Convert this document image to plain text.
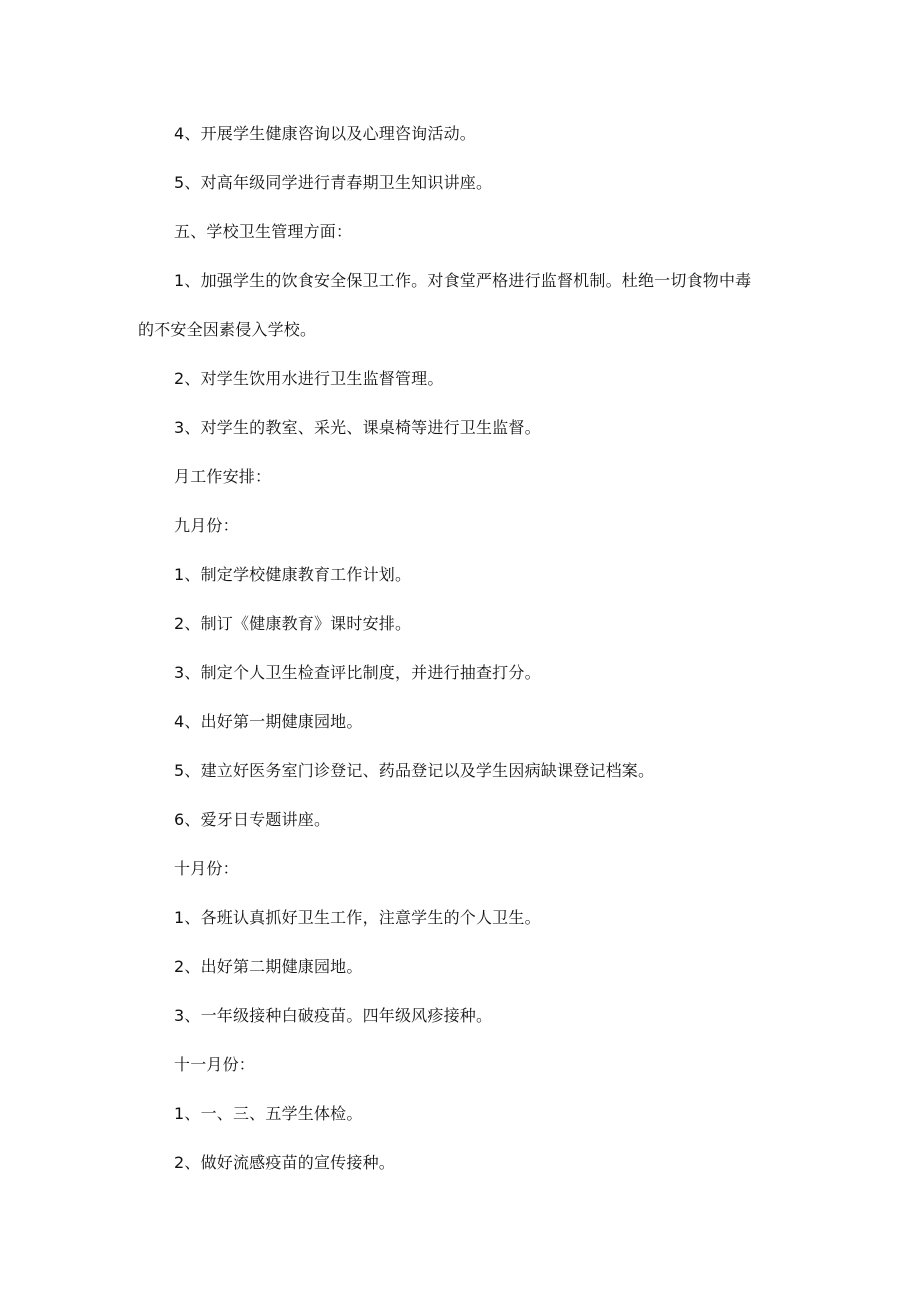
4、开展学生健康咨询以及心理咨询活动。
5、对高年级同学进行青春期卫生知识讲座。
五、学校卫生管理方面：
1、加强学生的饮食安全保卫工作。对食堂严格进行监督机制。杜绝一切食物中毒
的不安全因素侵入学校。
2、对学生饮用水进行卫生监督管理。
3、对学生的教室、采光、课桌椅等进行卫生监督。
月工作安排：
九月份：
1、制定学校健康教育工作计划。
2、制订《健康教育》课时安排。
3、制定个人卫生检查评比制度，并进行抽查打分。
4、出好第一期健康园地。
5、建立好医务室门诊登记、药品登记以及学生因病缺课登记档案。
6、爱牙日专题讲座。
十月份：
1、各班认真抓好卫生工作，注意学生的个人卫生。
2、出好第二期健康园地。
3、一年级接种白破疫苗。四年级风疹接种。
十一月份：
1、一、三、五学生体检。
2、做好流感疫苗的宣传接种。
